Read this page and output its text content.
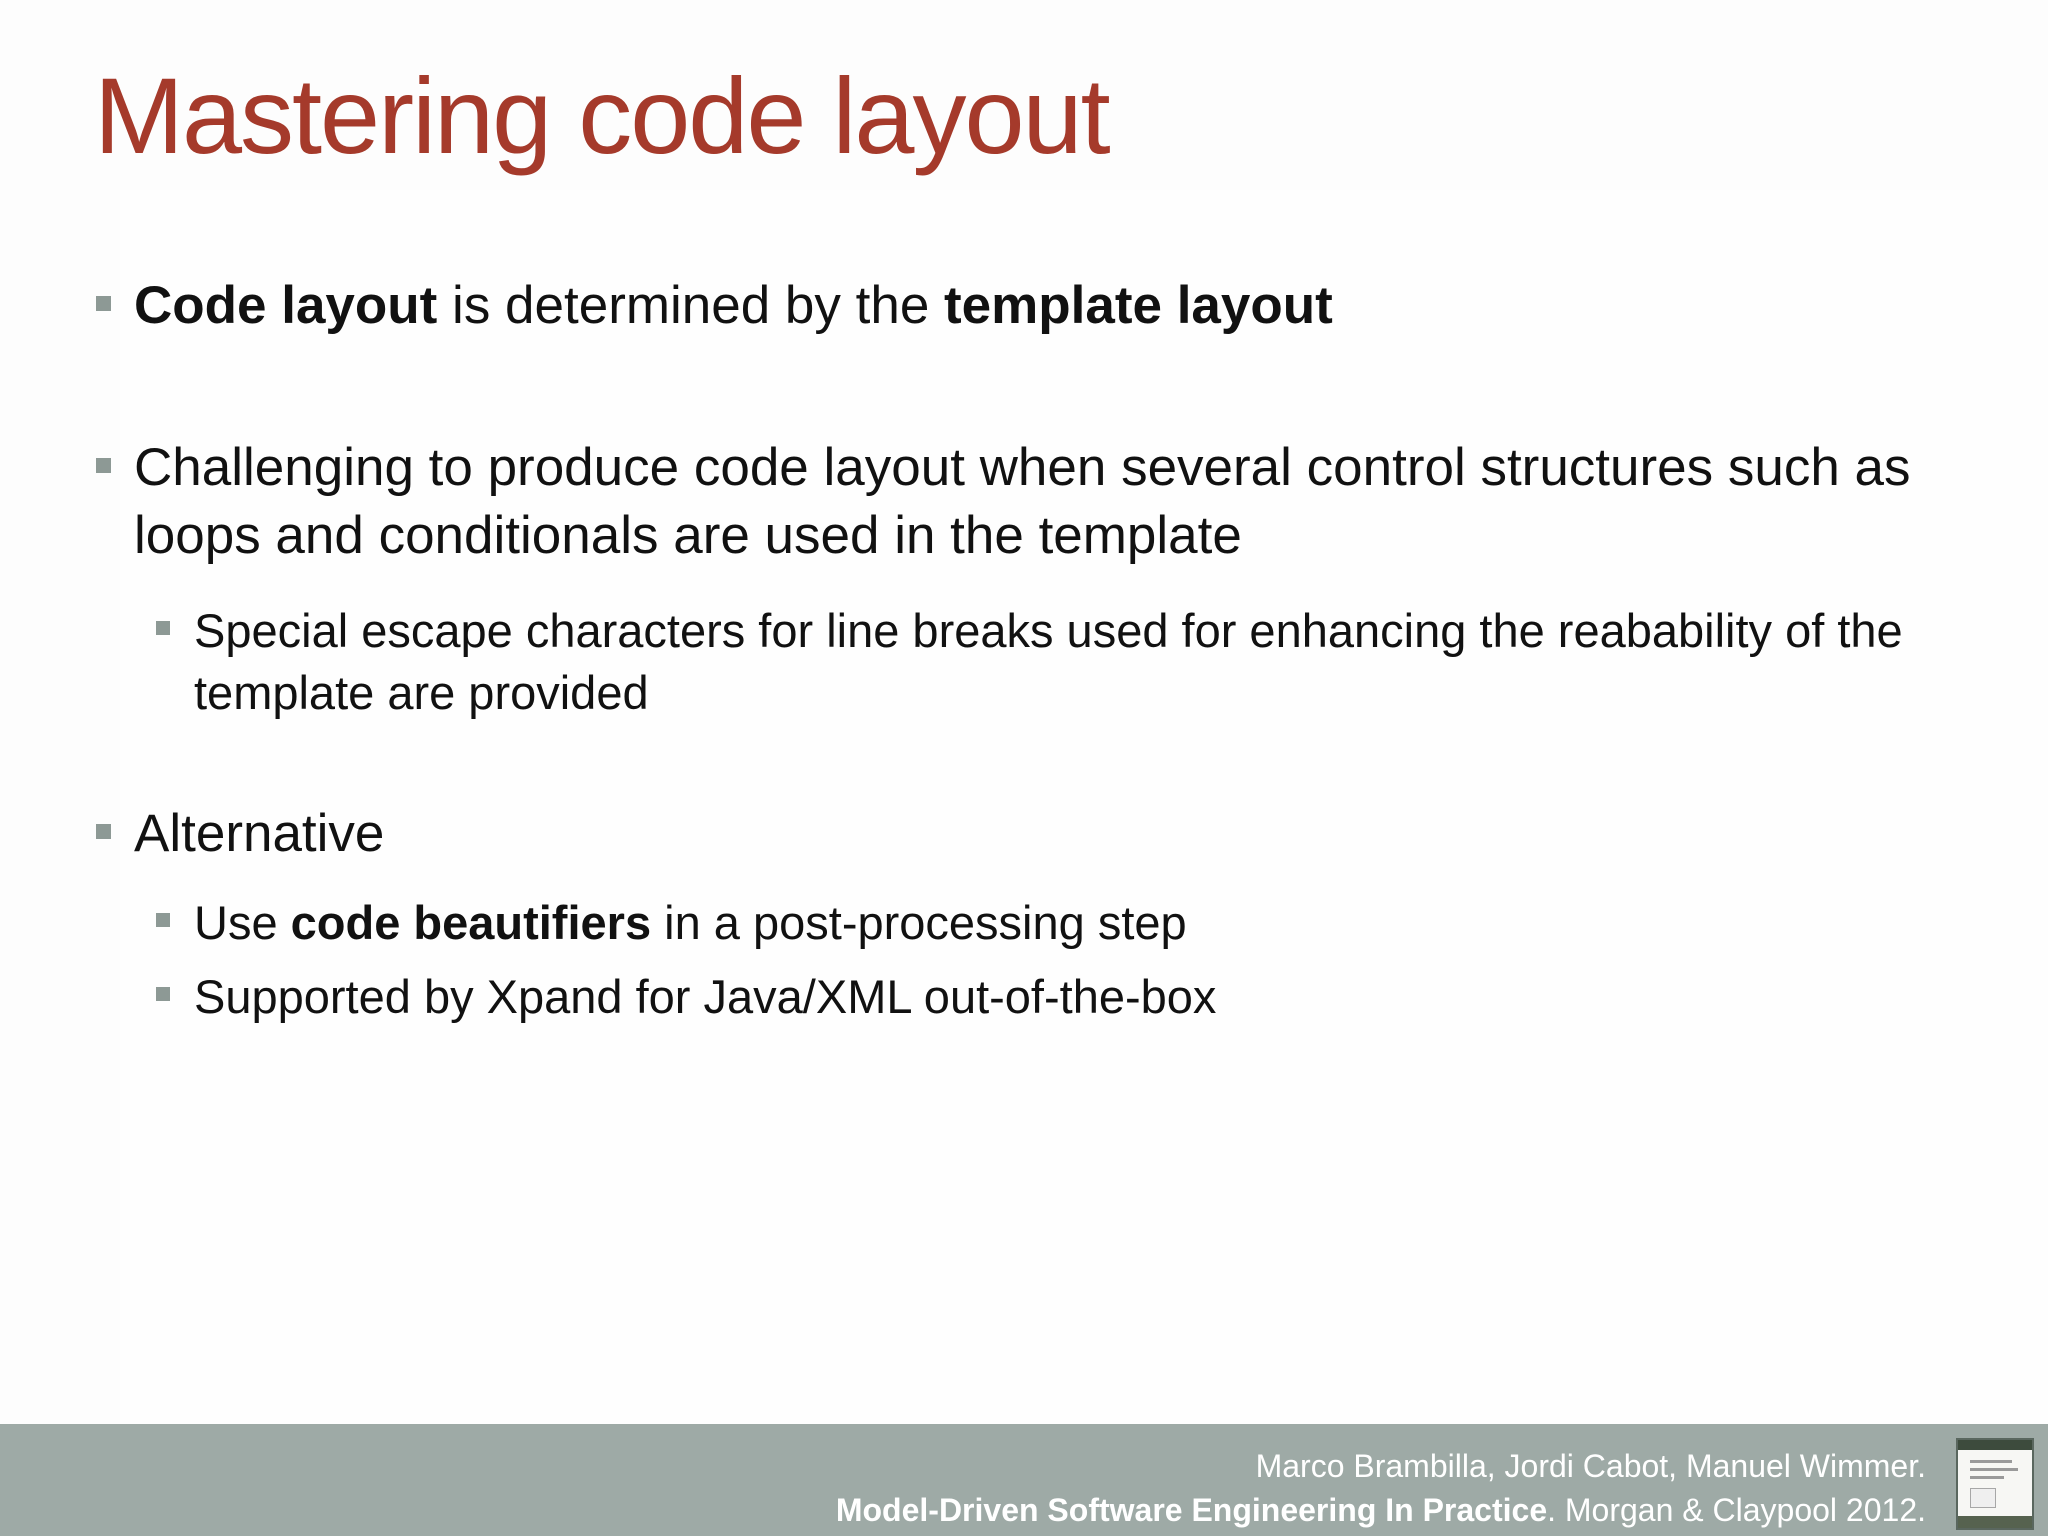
Mastering code layout
Code layout is determined by the template layout
Challenging to produce code layout when several control structures such as loops and conditionals are used in the template
Special escape characters for line breaks used for enhancing the reabability of the template are provided
Alternative
Use code beautifiers in a post-processing step
Supported by Xpand for Java/XML out-of-the-box
Marco Brambilla, Jordi Cabot, Manuel Wimmer.
Model-Driven Software Engineering In Practice. Morgan & Claypool 2012.
